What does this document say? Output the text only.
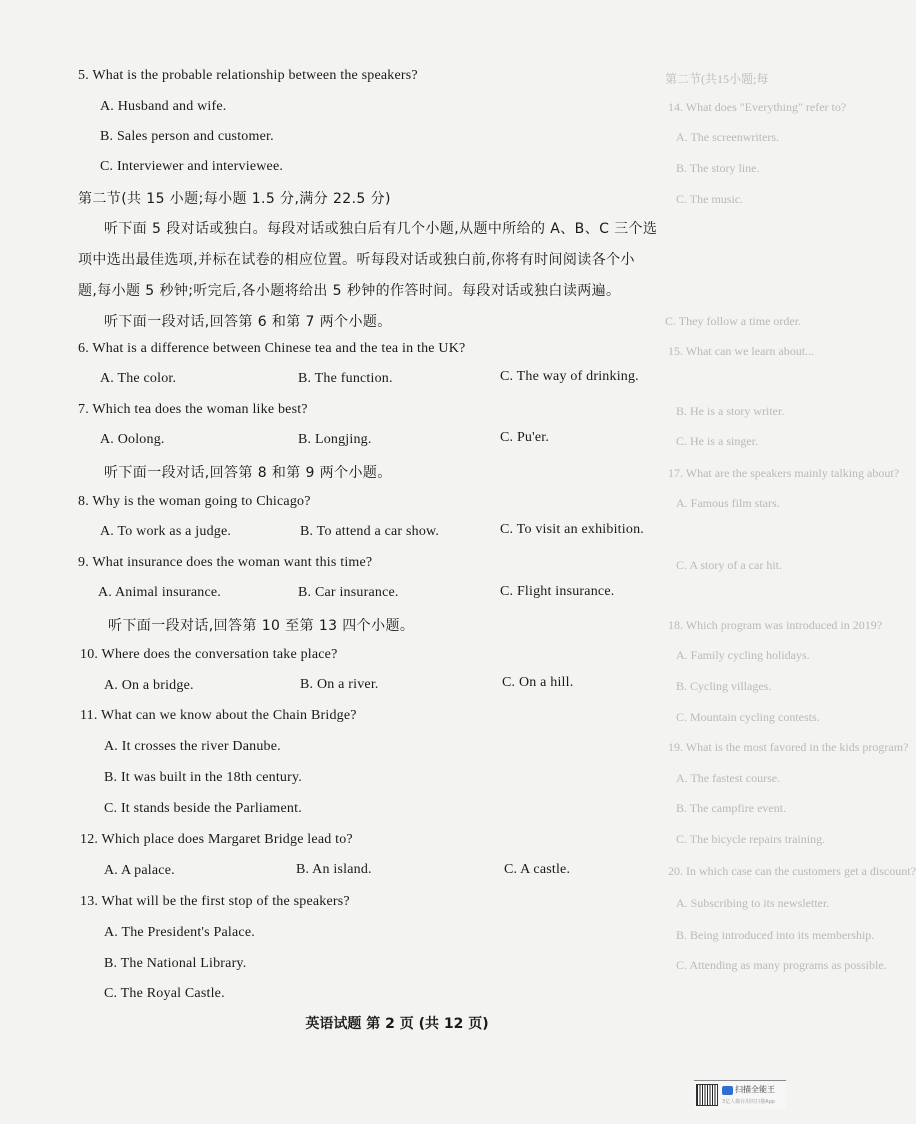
第二节(共15小题;每
14. What does "Everything" refer to?
A. The screenwriters.
B. The story line.
C. The music.
C. They follow a time order.
15. What can we learn about...
B. He is a story writer.
C. He is a singer.
17. What are the speakers mainly talking about?
A. Famous film stars.
C. A story of a car hit.
18. Which program was introduced in 2019?
A. Family cycling holidays.
B. Cycling villages.
C. Mountain cycling contests.
19. What is the most favored in the kids program?
A. The fastest course.
B. The campfire event.
C. The bicycle repairs training.
20. In which case can the customers get a discount?
A. Subscribing to its newsletter.
B. Being introduced into its membership.
C. Attending as many programs as possible.
5. What is the probable relationship between the speakers?
A. Husband and wife.
B. Sales person and customer.
C. Interviewer and interviewee.
第二节(共 15 小题;每小题 1.5 分,满分 22.5 分)
听下面 5 段对话或独白。每段对话或独白后有几个小题,从题中所给的 A、B、C 三个选
项中选出最佳选项,并标在试卷的相应位置。听每段对话或独白前,你将有时间阅读各个小
题,每小题 5 秒钟;听完后,各小题将给出 5 秒钟的作答时间。每段对话或独白读两遍。
听下面一段对话,回答第 6 和第 7 两个小题。
6. What is a difference between Chinese tea and the tea in the UK?
A. The color.	B. The function.	C. The way of drinking.
7. Which tea does the woman like best?
A. Oolong.	B. Longjing.	C. Pu'er.
听下面一段对话,回答第 8 和第 9 两个小题。
8. Why is the woman going to Chicago?
A. To work as a judge.	B. To attend a car show.	C. To visit an exhibition.
9. What insurance does the woman want this time?
A. Animal insurance.	B. Car insurance.	C. Flight insurance.
听下面一段对话,回答第 10 至第 13 四个小题。
10. Where does the conversation take place?
A. On a bridge.	B. On a river.	C. On a hill.
11. What can we know about the Chain Bridge?
A. It crosses the river Danube.
B. It was built in the 18th century.
C. It stands beside the Parliament.
12. Which place does Margaret Bridge lead to?
A. A palace.	B. An island.	C. A castle.
13. What will be the first stop of the speakers?
A. The President's Palace.
B. The National Library.
C. The Royal Castle.
英语试题 第 2 页 (共 12 页)
扫描全能王
3亿人都在用的扫描App
